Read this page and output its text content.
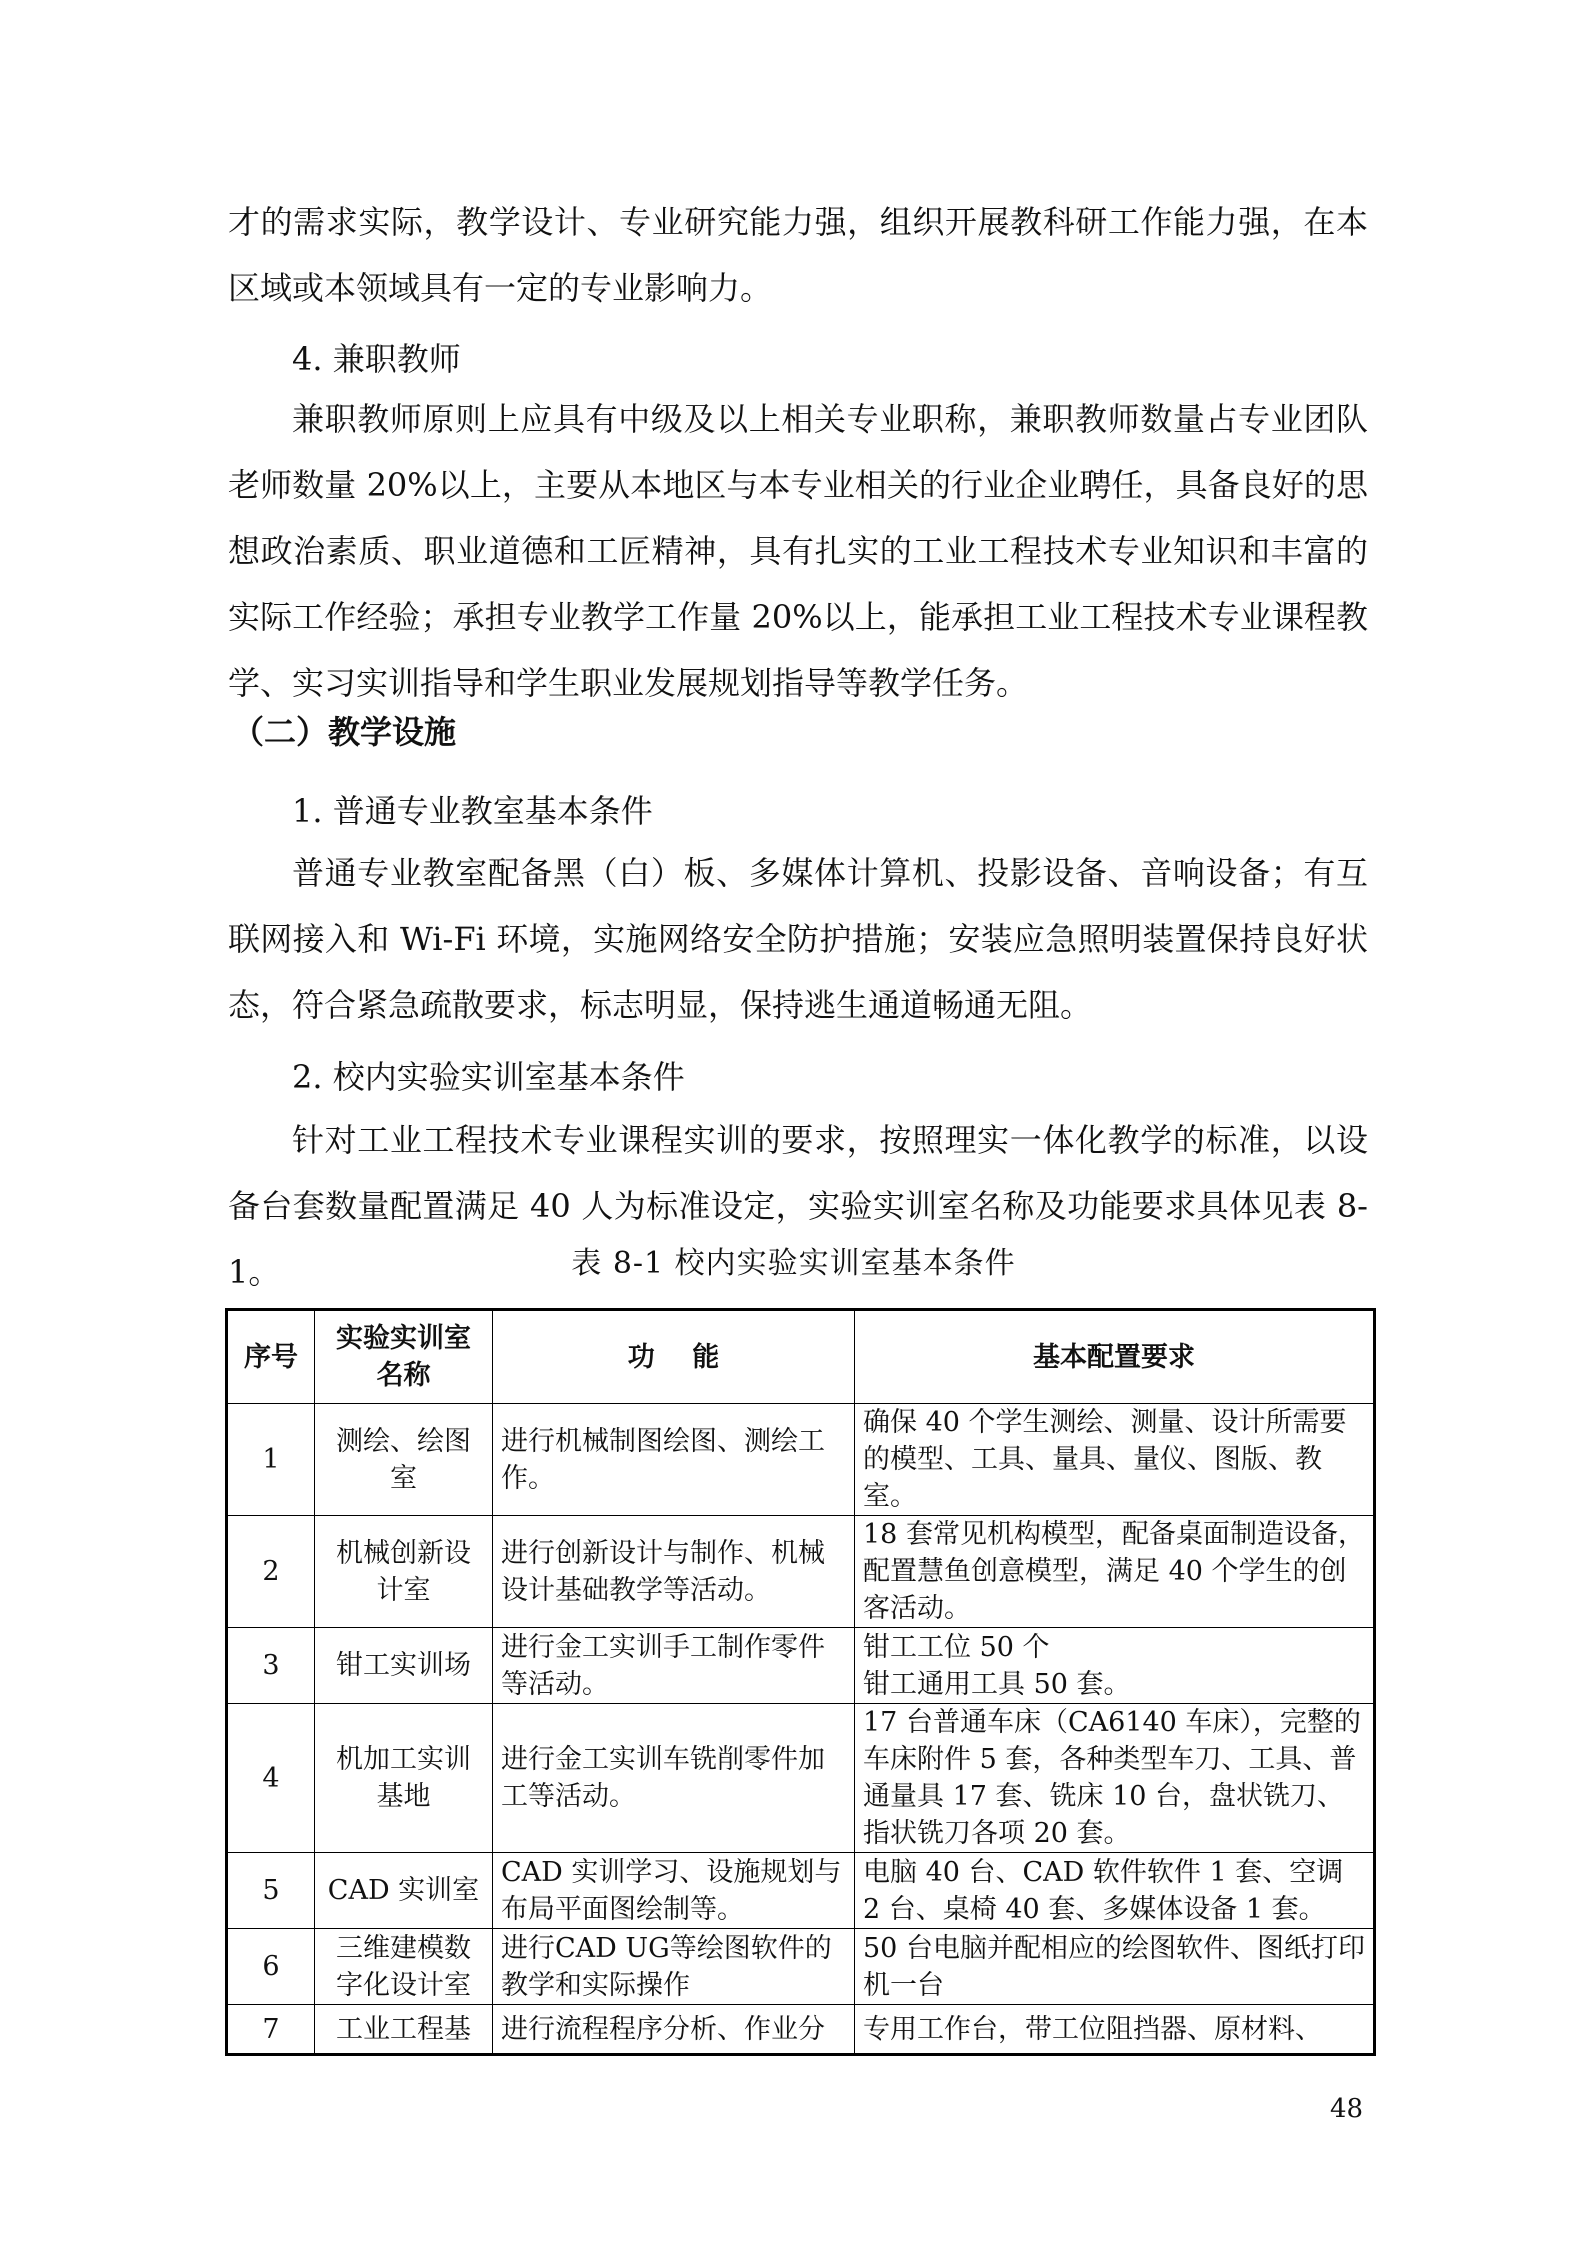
才的需求实际，教学设计、专业研究能力强，组织开展教科研工作能力强，在本区域或本领域具有一定的专业影响力。

4. 兼职教师

兼职教师原则上应具有中级及以上相关专业职称，兼职教师数量占专业团队老师数量 20%以上，主要从本地区与本专业相关的行业企业聘任，具备良好的思想政治素质、职业道德和工匠精神，具有扎实的工业工程技术专业知识和丰富的实际工作经验；承担专业教学工作量 20%以上，能承担工业工程技术专业课程教学、实习实训指导和学生职业发展规划指导等教学任务。

（二）教学设施

1. 普通专业教室基本条件

普通专业教室配备黑（白）板、多媒体计算机、投影设备、音响设备；有互联网接入和 Wi-Fi 环境，实施网络安全防护措施；安装应急照明装置保持良好状态，符合紧急疏散要求，标志明显，保持逃生通道畅通无阻。

2. 校内实验实训室基本条件

针对工业工程技术专业课程实训的要求，按照理实一体化教学的标准，以设备台套数量配置满足 40 人为标准设定，实验实训室名称及功能要求具体见表 8-1。	表 8-1 校内实验实训室基本条件

序号	实验实训室名称	功    能	基本配置要求
1	测绘、绘图室	进行机械制图绘图、测绘工作。	确保 40 个学生测绘、测量、设计所需要的模型、工具、量具、量仪、图版、教室。
2	机械创新设计室	进行创新设计与制作、机械设计基础教学等活动。	18 套常见机构模型，配备桌面制造设备，配置慧鱼创意模型，满足 40 个学生的创客活动。
3	钳工实训场	进行金工实训手工制作零件等活动。	钳工工位 50 个
钳工通用工具 50 套。
4	机加工实训基地	进行金工实训车铣削零件加工等活动。	17 台普通车床（CA6140 车床），完整的车床附件 5 套，各种类型车刀、工具、普通量具 17 套、铣床 10 台，盘状铣刀、指状铣刀各项 20 套。
5	CAD 实训室	CAD 实训学习、设施规划与布局平面图绘制等。	电脑 40 台、CAD 软件软件 1 套、空调 2 台、桌椅 40 套、多媒体设备 1 套。
6	三维建模数字化设计室	进行CAD UG等绘图软件的教学和实际操作	50 台电脑并配相应的绘图软件、图纸打印机一台
7	工业工程基	进行流程程序分析、作业分	专用工作台，带工位阻挡器、原材料、
48
